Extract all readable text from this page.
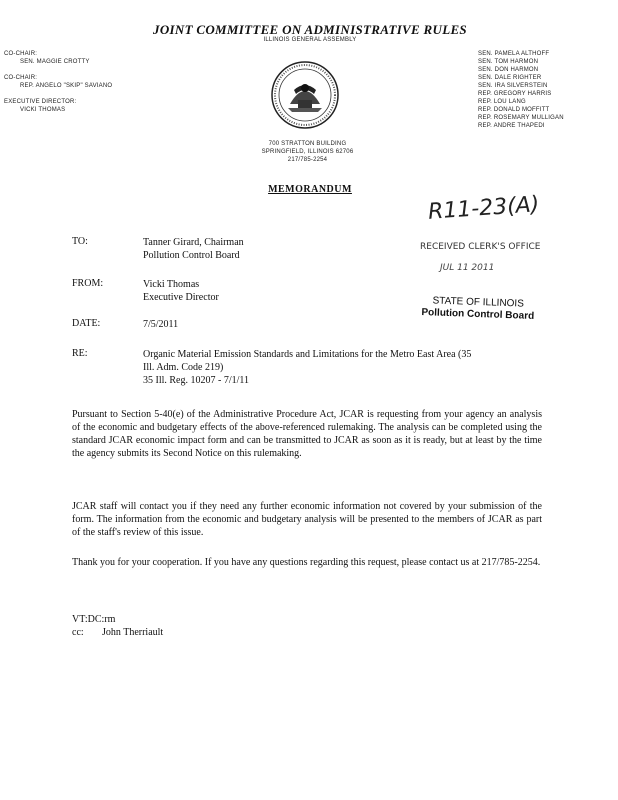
JOINT COMMITTEE ON ADMINISTRATIVE RULES
ILLINOIS GENERAL ASSEMBLY
CO-CHAIR:
SEN. MAGGIE CROTTY
CO-CHAIR:
REP. ANGELO "SKIP" SAVIANO
EXECUTIVE DIRECTOR:
VICKI THOMAS
SEN. PAMELA ALTHOFF
SEN. TOM HARMON
SEN. DON HARMON
SEN. DALE RIGHTER
SEN. IRA SILVERSTEIN
REP. GREGORY HARRIS
REP. LOU LANG
REP. DONALD MOFFITT
REP. ROSEMARY MULLIGAN
REP. ANDRE THAPEDI
700 STRATTON BUILDING
SPRINGFIELD, ILLINOIS 62706
217/785-2254
MEMORANDUM
R11-23(A)
RECEIVED CLERK'S OFFICE
JUL 11 2011
STATE OF ILLINOIS
Pollution Control Board
TO:	Tanner Girard, Chairman
Pollution Control Board
FROM:	Vicki Thomas
Executive Director
DATE:	7/5/2011
RE:	Organic Material Emission Standards and Limitations for the Metro East Area (35
Ill. Adm. Code 219)
35 Ill. Reg. 10207 - 7/1/11
Pursuant to Section 5-40(e) of the Administrative Procedure Act, JCAR is requesting from your agency an analysis of the economic and budgetary effects of the above-referenced rulemaking. The analysis can be completed using the standard JCAR economic impact form and can be transmitted to JCAR as soon as it is ready, but at least by the time the agency submits its Second Notice on this rulemaking.
JCAR staff will contact you if they need any further economic information not covered by your submission of the form. The information from the economic and budgetary analysis will be presented to the members of JCAR as part of the staff's review of this issue.
Thank you for your cooperation. If you have any questions regarding this request, please contact us at 217/785-2254.
VT:DC:rm
cc: John Therriault
